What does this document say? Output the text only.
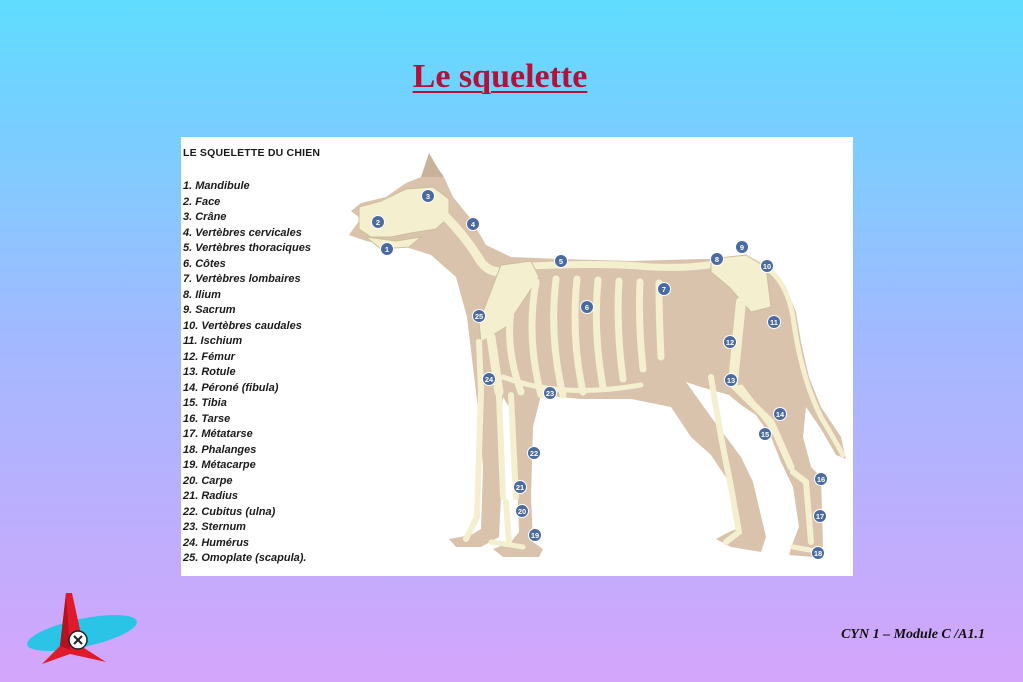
Le squelette
1
2
3
4
5
6
7
8
9
10
11
12
13
14
15
16
17
18
19
20
21
22
23
24
25
LE SQUELETTE DU CHIEN
1. Mandibule
2. Face
3. Crâne
4. Vertèbres cervicales
5. Vertèbres thoraciques
6. Côtes
7. Vertèbres lombaires
8. Ilium
9. Sacrum
10. Vertèbres caudales
11. Ischium
12. Fémur
13. Rotule
14. Péroné (fibula)
15. Tibia
16. Tarse
17. Métatarse
18. Phalanges
19. Métacarpe
20. Carpe
21. Radius
22. Cubitus (ulna)
23. Sternum
24. Humérus
25. Omoplate (scapula).
CYN 1 – Module C /A1.1
